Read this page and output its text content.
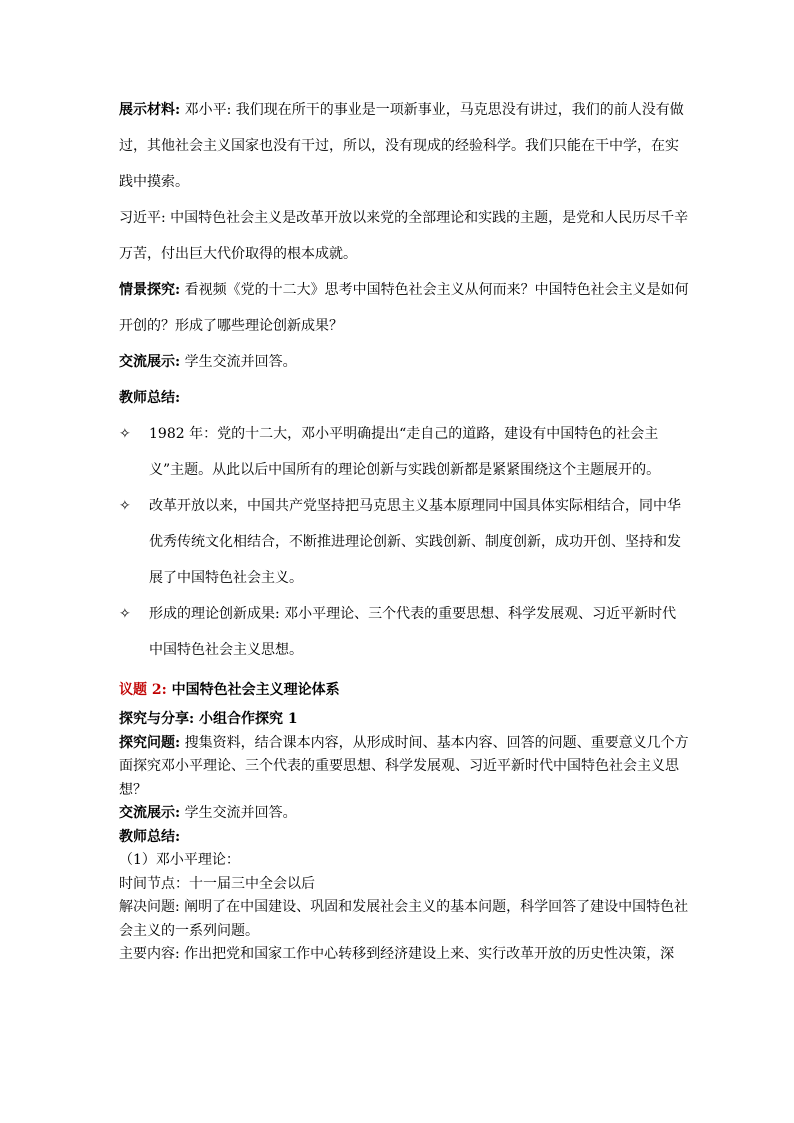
展示材料: 邓小平: 我们现在所干的事业是一项新事业，马克思没有讲过，我们的前人没有做过，其他社会主义国家也没有干过，所以，没有现成的经验科学。我们只能在干中学，在实践中摸索。

习近平: 中国特色社会主义是改革开放以来党的全部理论和实践的主题，是党和人民历尽千辛万苦，付出巨大代价取得的根本成就。

情景探究: 看视频《党的十二大》思考中国特色社会主义从何而来？中国特色社会主义是如何开创的？形成了哪些理论创新成果？

交流展示: 学生交流并回答。

教师总结:

✧	1982 年：党的十二大，邓小平明确提出“走自己的道路，建设有中国特色的社会主义”主题。从此以后中国所有的理论创新与实践创新都是紧紧围绕这个主题展开的。

✧	改革开放以来，中国共产党坚持把马克思主义基本原理同中国具体实际相结合，同中华优秀传统文化相结合，不断推进理论创新、实践创新、制度创新，成功开创、坚持和发展了中国特色社会主义。

✧	形成的理论创新成果: 邓小平理论、三个代表的重要思想、科学发展观、习近平新时代中国特色社会主义思想。

议题 2: 中国特色社会主义理论体系

探究与分享: 小组合作探究 1

探究问题: 搜集资料，结合课本内容，从形成时间、基本内容、回答的问题、重要意义几个方面探究邓小平理论、三个代表的重要思想、科学发展观、习近平新时代中国特色社会主义思想？

交流展示: 学生交流并回答。

教师总结:

（1）邓小平理论：

时间节点：十一届三中全会以后

解决问题: 阐明了在中国建设、巩固和发展社会主义的基本问题，科学回答了建设中国特色社会主义的一系列问题。

主要内容: 作出把党和国家工作中心转移到经济建设上来、实行改革开放的历史性决策，深
